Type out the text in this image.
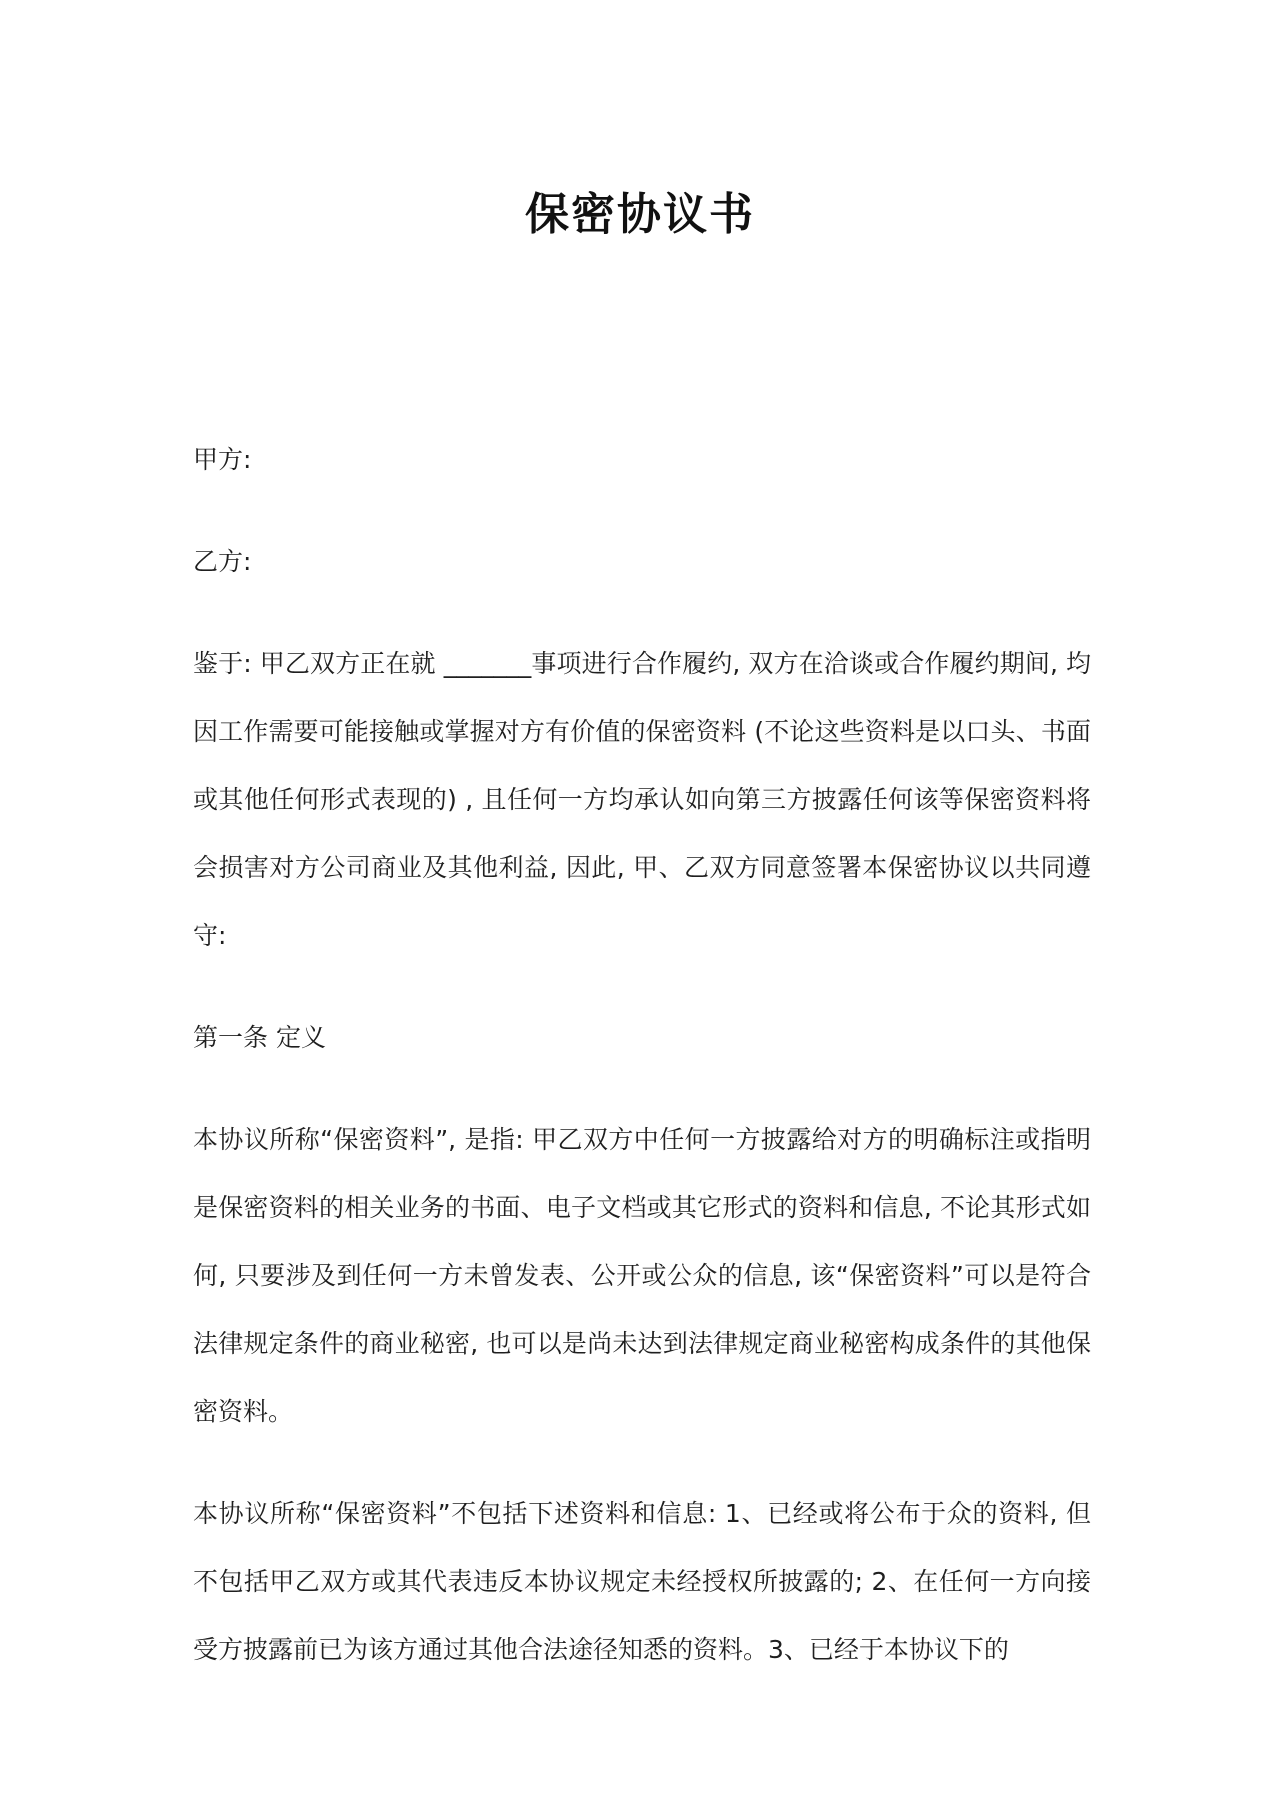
保密协议书

甲方:

乙方:

鉴于: 甲乙双方正在就 _______事项进行合作履约, 双方在洽谈或合作履约期间, 均因工作需要可能接触或掌握对方有价值的保密资料 (不论这些资料是以口头、书面或其他任何形式表现的) , 且任何一方均承认如向第三方披露任何该等保密资料将会损害对方公司商业及其他利益, 因此, 甲、乙双方同意签署本保密协议以共同遵守:

第一条 定义

本协议所称“保密资料”, 是指: 甲乙双方中任何一方披露给对方的明确标注或指明是保密资料的相关业务的书面、电子文档或其它形式的资料和信息, 不论其形式如何, 只要涉及到任何一方未曾发表、公开或公众的信息, 该“保密资料”可以是符合法律规定条件的商业秘密, 也可以是尚未达到法律规定商业秘密构成条件的其他保密资料。

本协议所称“保密资料”不包括下述资料和信息: 1、已经或将公布于众的资料, 但不包括甲乙双方或其代表违反本协议规定未经授权所披露的; 2、在任何一方向接受方披露前已为该方通过其他合法途径知悉的资料。3、已经于本协议下的
